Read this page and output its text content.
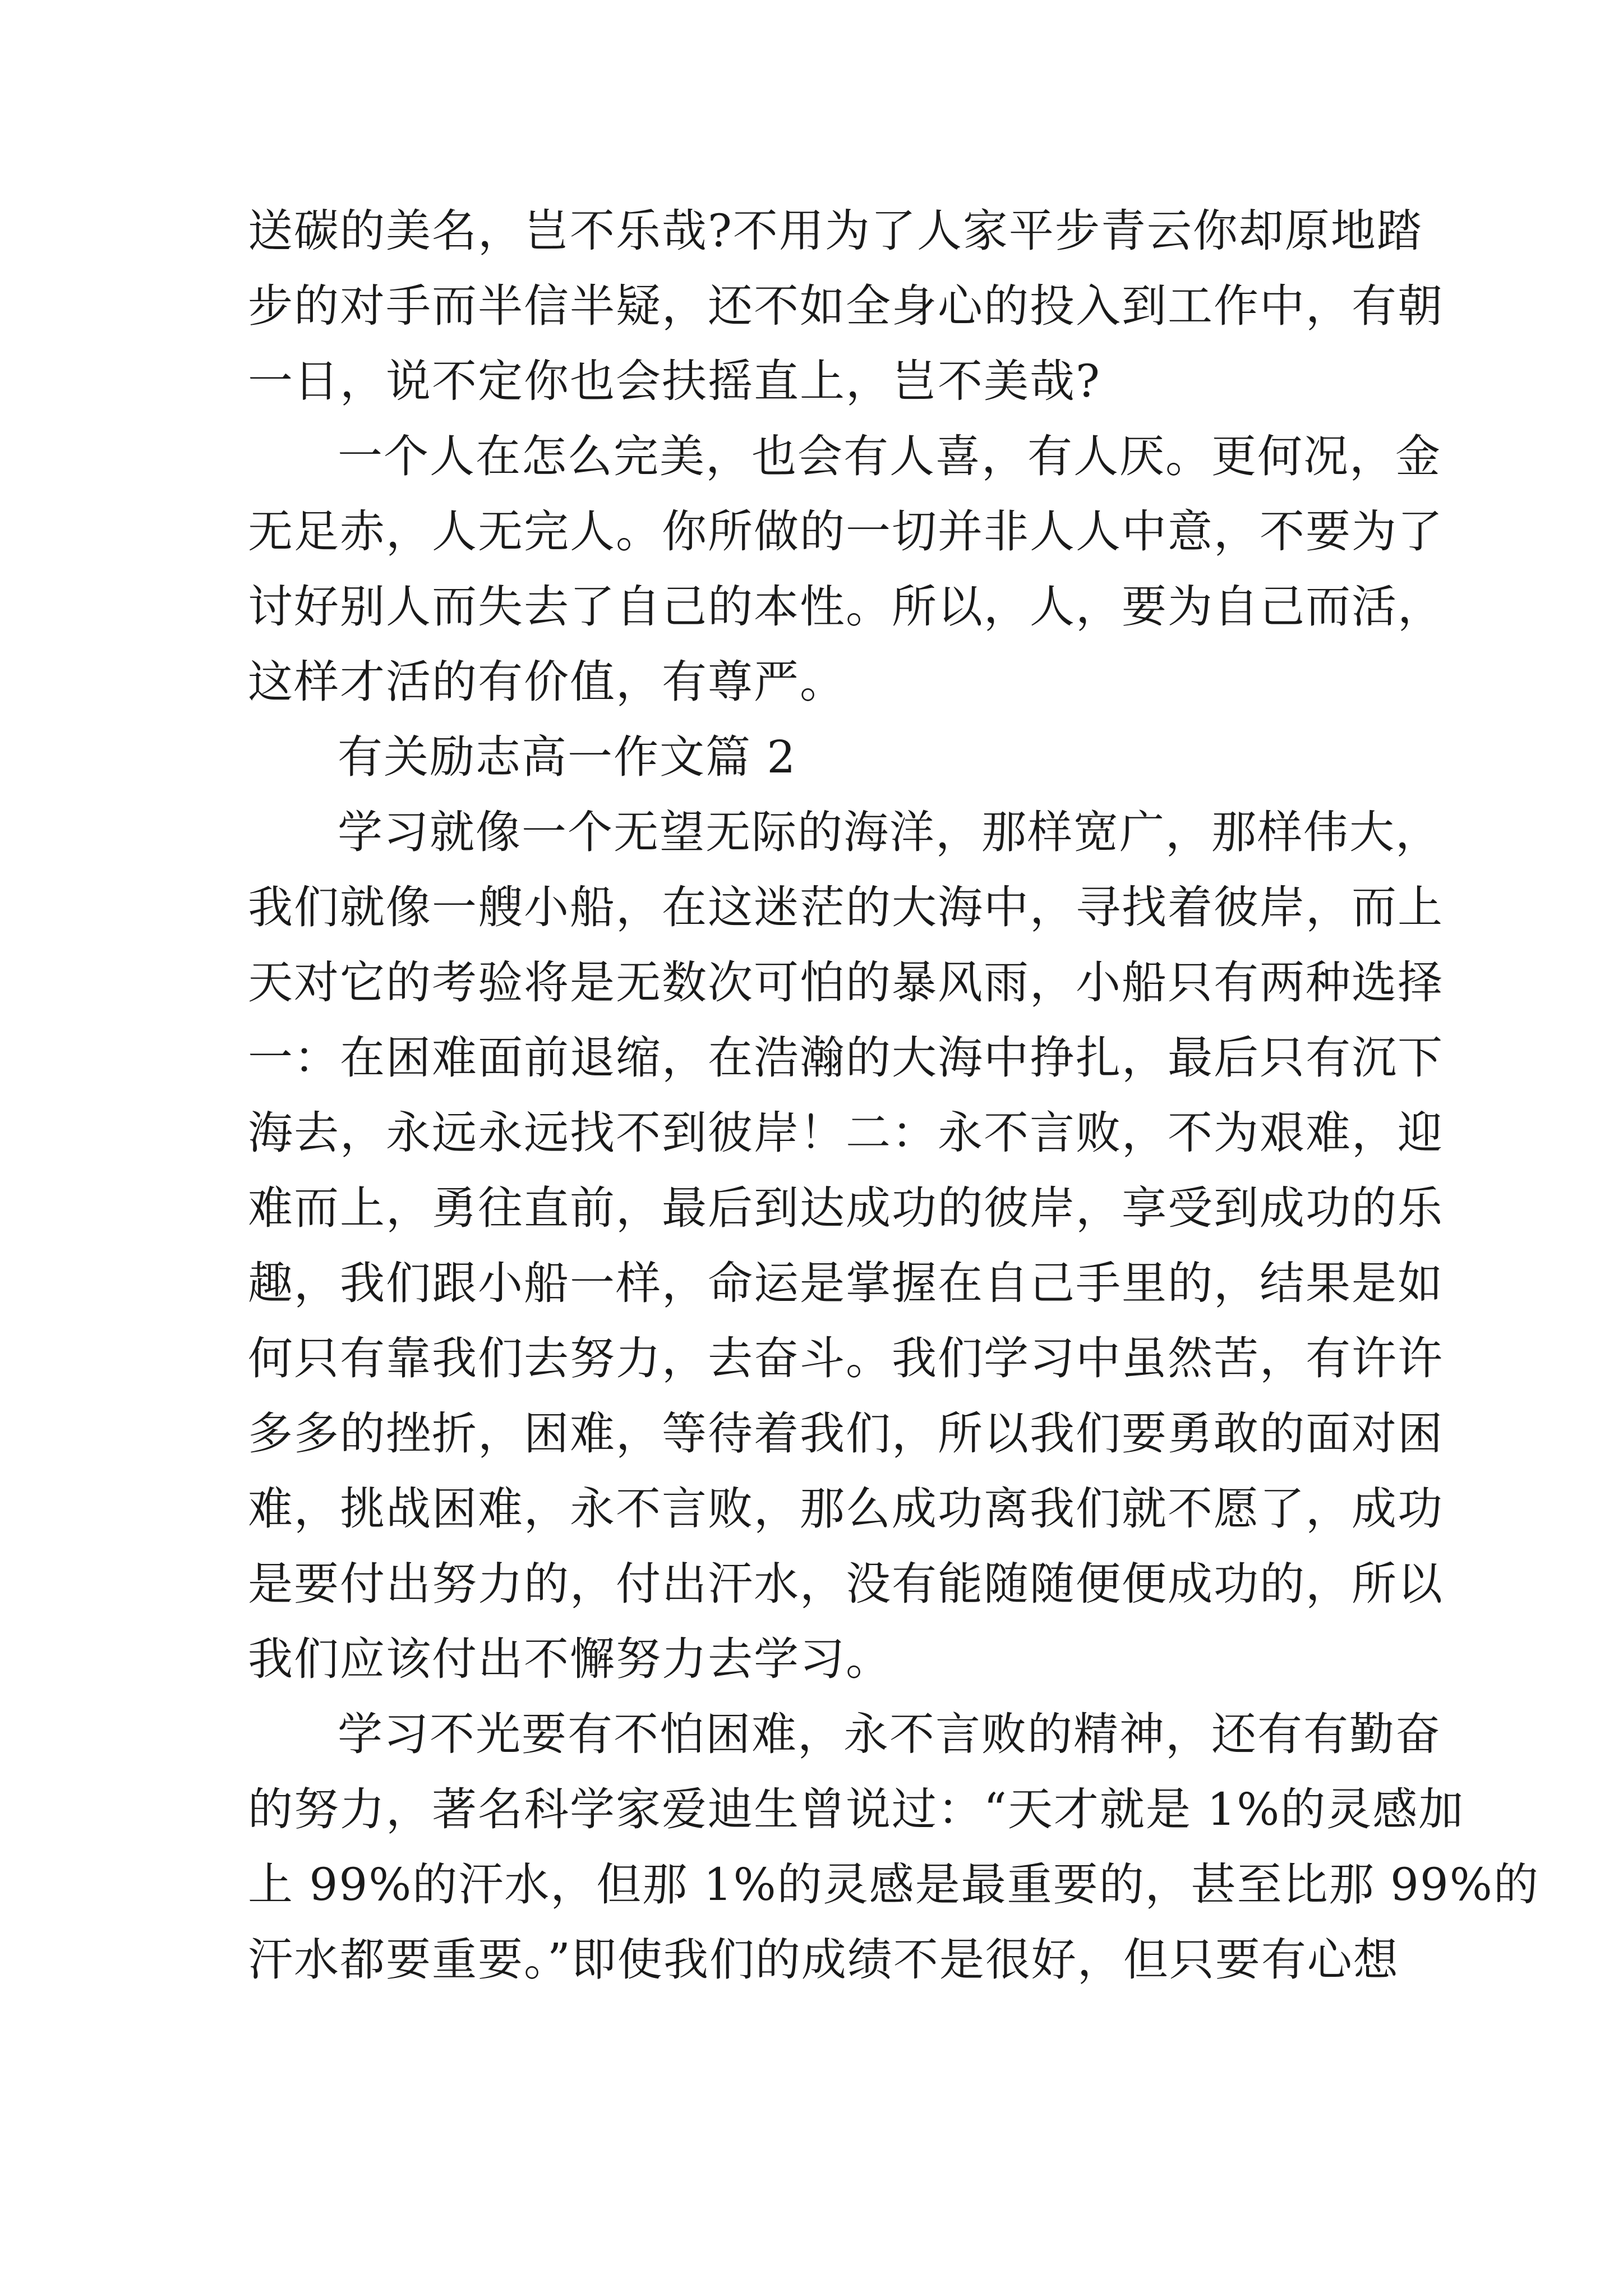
送碳的美名，岂不乐哉?不用为了人家平步青云你却原地踏
步的对手而半信半疑，还不如全身心的投入到工作中，有朝
一日，说不定你也会扶摇直上，岂不美哉?
一个人在怎么完美，也会有人喜，有人厌。更何况，金
无足赤，人无完人。你所做的一切并非人人中意，不要为了
讨好别人而失去了自己的本性。所以，人，要为自己而活，
这样才活的有价值，有尊严。
有关励志高一作文篇 2
学习就像一个无望无际的海洋，那样宽广，那样伟大，
我们就像一艘小船，在这迷茫的大海中，寻找着彼岸，而上
天对它的考验将是无数次可怕的暴风雨，小船只有两种选择
一：在困难面前退缩，在浩瀚的大海中挣扎，最后只有沉下
海去，永远永远找不到彼岸！二：永不言败，不为艰难，迎
难而上，勇往直前，最后到达成功的彼岸，享受到成功的乐
趣，我们跟小船一样，命运是掌握在自己手里的，结果是如
何只有靠我们去努力，去奋斗。我们学习中虽然苦，有许许
多多的挫折，困难，等待着我们，所以我们要勇敢的面对困
难，挑战困难，永不言败，那么成功离我们就不愿了，成功
是要付出努力的，付出汗水，没有能随随便便成功的，所以
我们应该付出不懈努力去学习。
学习不光要有不怕困难，永不言败的精神，还有有勤奋
的努力，著名科学家爱迪生曾说过：“天才就是 1%的灵感加
上 99%的汗水，但那 1%的灵感是最重要的，甚至比那 99%的
汗水都要重要。”即使我们的成绩不是很好，但只要有心想
